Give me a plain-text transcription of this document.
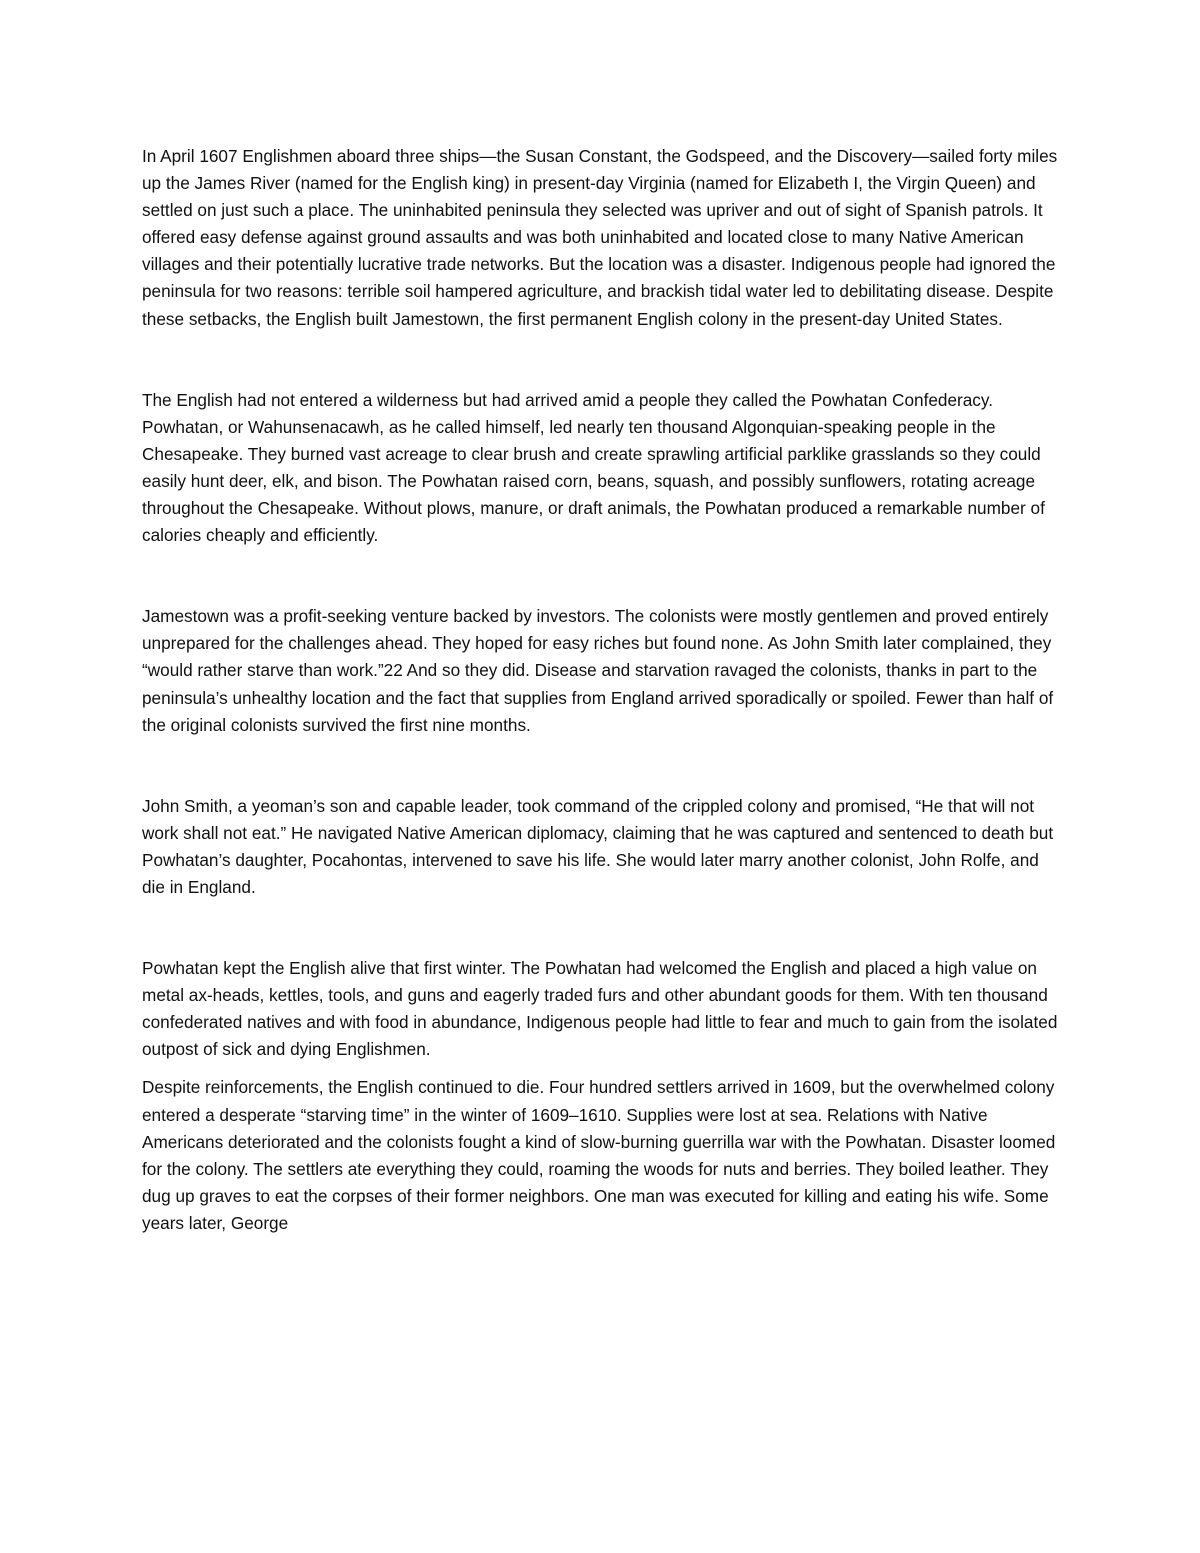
In April 1607 Englishmen aboard three ships—the Susan Constant, the Godspeed, and the Discovery—sailed forty miles up the James River (named for the English king) in present-day Virginia (named for Elizabeth I, the Virgin Queen) and settled on just such a place. The uninhabited peninsula they selected was upriver and out of sight of Spanish patrols. It offered easy defense against ground assaults and was both uninhabited and located close to many Native American villages and their potentially lucrative trade networks. But the location was a disaster. Indigenous people had ignored the peninsula for two reasons: terrible soil hampered agriculture, and brackish tidal water led to debilitating disease. Despite these setbacks, the English built Jamestown, the first permanent English colony in the present-day United States.

The English had not entered a wilderness but had arrived amid a people they called the Powhatan Confederacy. Powhatan, or Wahunsenacawh, as he called himself, led nearly ten thousand Algonquian-speaking people in the Chesapeake. They burned vast acreage to clear brush and create sprawling artificial parklike grasslands so they could easily hunt deer, elk, and bison. The Powhatan raised corn, beans, squash, and possibly sunflowers, rotating acreage throughout the Chesapeake. Without plows, manure, or draft animals, the Powhatan produced a remarkable number of calories cheaply and efficiently.

Jamestown was a profit-seeking venture backed by investors. The colonists were mostly gentlemen and proved entirely unprepared for the challenges ahead. They hoped for easy riches but found none. As John Smith later complained, they “would rather starve than work.”22 And so they did. Disease and starvation ravaged the colonists, thanks in part to the peninsula’s unhealthy location and the fact that supplies from England arrived sporadically or spoiled. Fewer than half of the original colonists survived the first nine months.

John Smith, a yeoman’s son and capable leader, took command of the crippled colony and promised, “He that will not work shall not eat.” He navigated Native American diplomacy, claiming that he was captured and sentenced to death but Powhatan’s daughter, Pocahontas, intervened to save his life. She would later marry another colonist, John Rolfe, and die in England.

Powhatan kept the English alive that first winter. The Powhatan had welcomed the English and placed a high value on metal ax-heads, kettles, tools, and guns and eagerly traded furs and other abundant goods for them. With ten thousand confederated natives and with food in abundance, Indigenous people had little to fear and much to gain from the isolated outpost of sick and dying Englishmen.

Despite reinforcements, the English continued to die. Four hundred settlers arrived in 1609, but the overwhelmed colony entered a desperate “starving time” in the winter of 1609–1610. Supplies were lost at sea. Relations with Native Americans deteriorated and the colonists fought a kind of slow-burning guerrilla war with the Powhatan. Disaster loomed for the colony. The settlers ate everything they could, roaming the woods for nuts and berries. They boiled leather. They dug up graves to eat the corpses of their former neighbors. One man was executed for killing and eating his wife. Some years later, George
